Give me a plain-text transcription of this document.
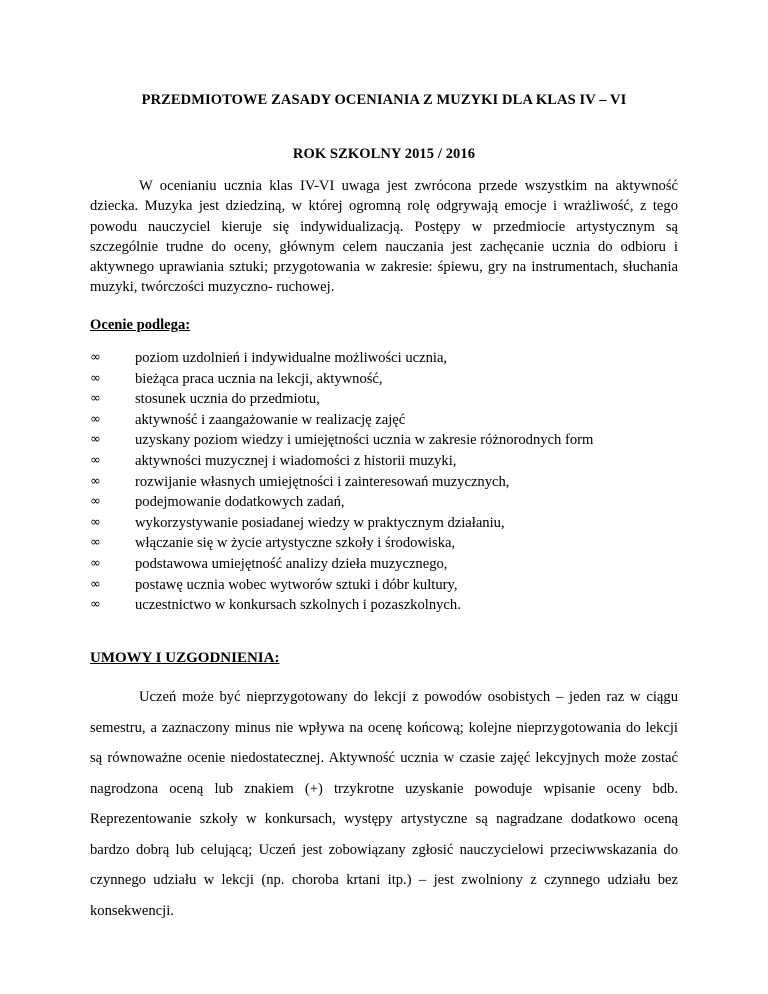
PRZEDMIOTOWE ZASADY OCENIANIA Z MUZYKI DLA KLAS IV – VI
ROK SZKOLNY 2015 / 2016

W ocenianiu ucznia klas IV-VI uwaga jest zwrócona przede wszystkim na aktywność dziecka. Muzyka jest dziedziną, w której ogromną rolę odgrywają emocje i wrażliwość, z tego powodu nauczyciel kieruje się indywidualizacją. Postępy w przedmiocie artystycznym są szczególnie trudne do oceny, głównym celem nauczania jest zachęcanie ucznia do odbioru i aktywnego uprawiania sztuki; przygotowania w zakresie: śpiewu, gry na instrumentach, słuchania muzyki, twórczości muzyczno- ruchowej.

Ocenie podlega:
∞	poziom uzdolnień i indywidualne możliwości ucznia,
∞	bieżąca praca ucznia na lekcji, aktywność,
∞	stosunek ucznia do przedmiotu,
∞	aktywność i zaangażowanie w realizację zajęć
∞	uzyskany poziom wiedzy i umiejętności ucznia w zakresie różnorodnych form
∞	aktywności muzycznej i wiadomości z historii muzyki,
∞	rozwijanie własnych umiejętności i zainteresowań muzycznych,
∞	podejmowanie dodatkowych zadań,
∞	wykorzystywanie posiadanej wiedzy w praktycznym działaniu,
∞	włączanie się w życie artystyczne szkoły i środowiska,
∞	podstawowa umiejętność analizy dzieła muzycznego,
∞	postawę ucznia wobec wytworów sztuki i dóbr kultury,
∞	uczestnictwo w konkursach szkolnych i pozaszkolnych.
UMOWY I UZGODNIENIA:

Uczeń może być nieprzygotowany do lekcji z powodów osobistych – jeden raz w ciągu semestru, a zaznaczony minus nie wpływa na ocenę końcową; kolejne nieprzygotowania do lekcji są równoważne ocenie niedostatecznej. Aktywność ucznia w czasie zajęć lekcyjnych może zostać nagrodzona oceną lub znakiem (+) trzykrotne uzyskanie powoduje wpisanie oceny bdb. Reprezentowanie szkoły w konkursach, występy artystyczne są nagradzane dodatkowo oceną bardzo dobrą lub celującą; Uczeń jest zobowiązany zgłosić nauczycielowi przeciwwskazania do czynnego udziału w lekcji (np. choroba krtani itp.) – jest zwolniony z czynnego udziału bez konsekwencji.
